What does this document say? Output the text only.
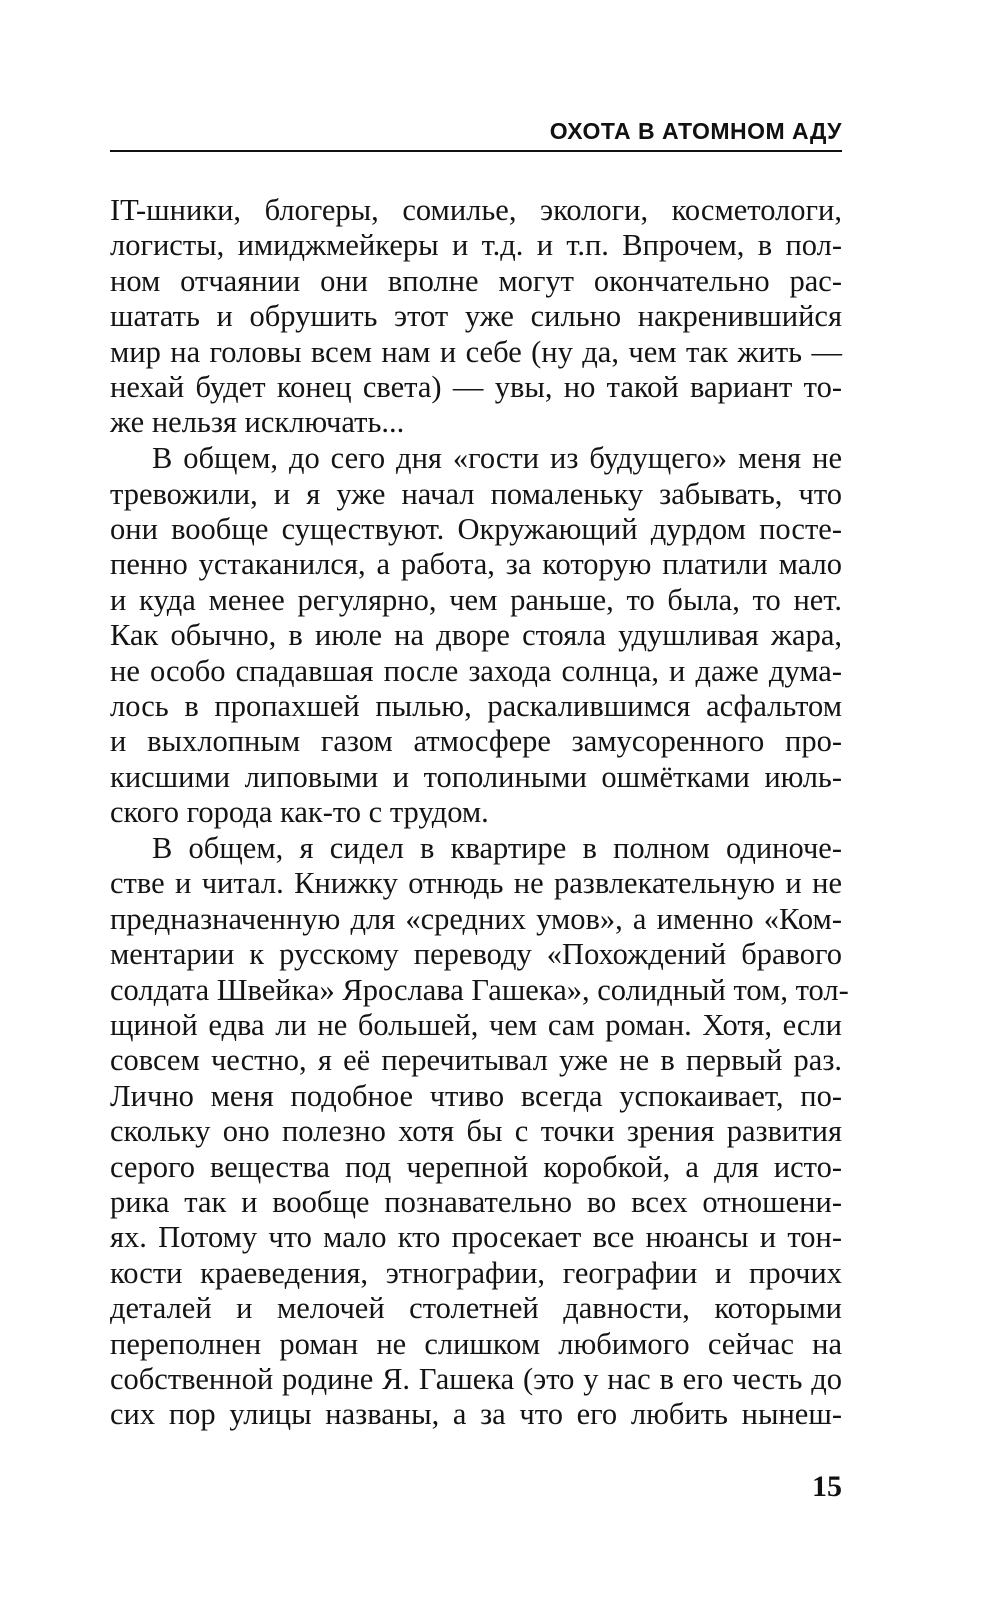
ОХОТА В АТОМНОМ АДУ
IT-шники, блогеры, сомилье, экологи, косметологи,
логисты, имиджмейкеры и т.д. и т.п. Впрочем, в пол-
ном отчаянии они вполне могут окончательно рас-
шатать и обрушить этот уже сильно накренившийся
мир на головы всем нам и себе (ну да, чем так жить —
нехай будет конец света) — увы, но такой вариант то-
же нельзя исключать...
В общем, до сего дня «гости из будущего» меня не
тревожили, и я уже начал помаленьку забывать, что
они вообще существуют. Окружающий дурдом посте-
пенно устаканился, а работа, за которую платили мало
и куда менее регулярно, чем раньше, то была, то нет.
Как обычно, в июле на дворе стояла удушливая жара,
не особо спадавшая после захода солнца, и даже дума-
лось в пропахшей пылью, раскалившимся асфальтом
и выхлопным газом атмосфере замусоренного про-
кисшими липовыми и тополиными ошмётками июль-
ского города как-то с трудом.
В общем, я сидел в квартире в полном одиноче-
стве и читал. Книжку отнюдь не развлекательную и не
предназначенную для «средних умов», а именно «Ком-
ментарии к русскому переводу «Похождений бравого
солдата Швейка» Ярослава Гашека», солидный том, тол-
щиной едва ли не большей, чем сам роман. Хотя, если
совсем честно, я её перечитывал уже не в первый раз.
Лично меня подобное чтиво всегда успокаивает, по-
скольку оно полезно хотя бы с точки зрения развития
серого вещества под черепной коробкой, а для исто-
рика так и вообще познавательно во всех отношени-
ях. Потому что мало кто просекает все нюансы и тон-
кости краеведения, этнографии, географии и прочих
деталей и мелочей столетней давности, которыми
переполнен роман не слишком любимого сейчас на
собственной родине Я. Гашека (это у нас в его честь до
сих пор улицы названы, а за что его любить нынеш-
15
